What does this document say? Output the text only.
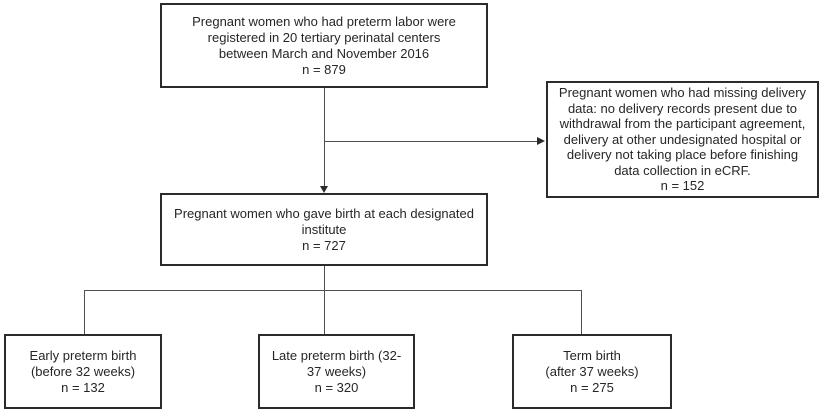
Pregnant women who had preterm labor were
registered in 20 tertiary perinatal centers
between March and November 2016
n = 879
Pregnant women who had missing delivery
data: no delivery records present due to
withdrawal from the participant agreement,
delivery at other undesignated hospital or
delivery not taking place before finishing
data collection in eCRF.
n = 152
Pregnant women who gave birth at each designated
institute
n = 727
Early preterm birth
(before 32 weeks)
n = 132
Late preterm birth (32-
37 weeks)
n = 320
Term birth
(after 37 weeks)
n = 275
